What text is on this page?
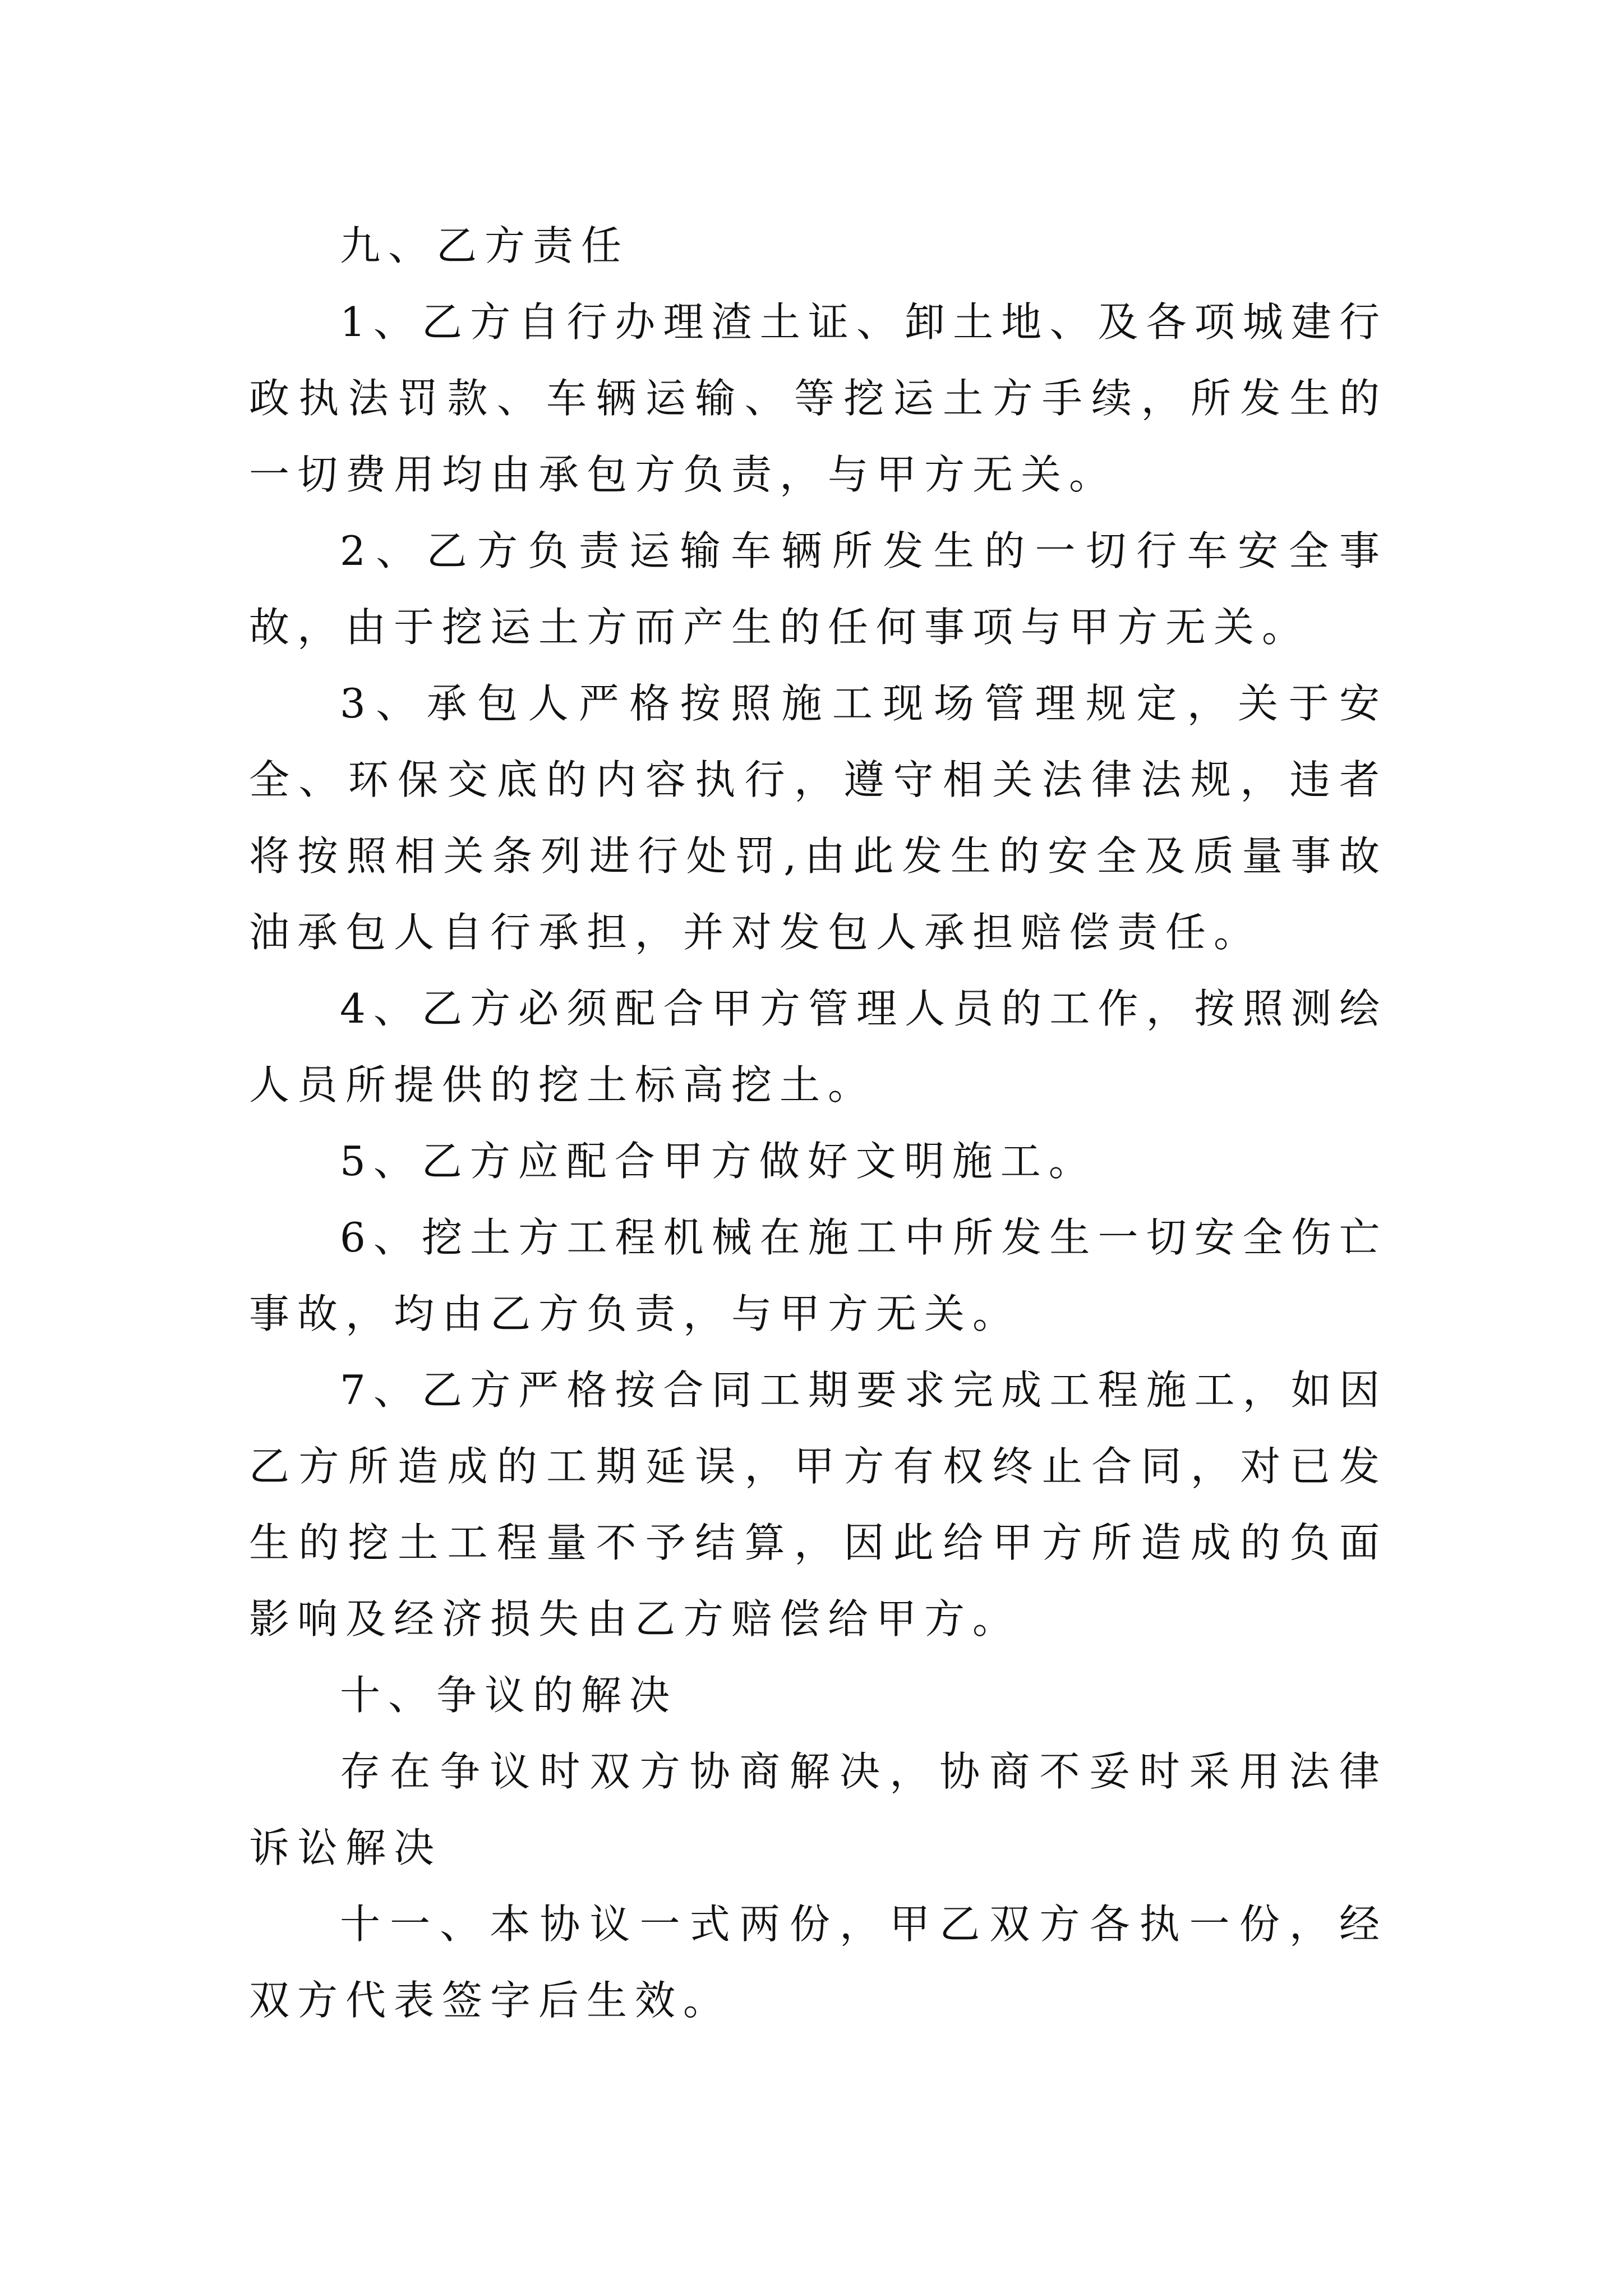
九、乙方责任

1、乙方自行办理渣土证、卸土地、及各项城建行政执法罚款、车辆运输、等挖运土方手续，所发生的一切费用均由承包方负责，与甲方无关。

2、乙方负责运输车辆所发生的一切行车安全事故，由于挖运土方而产生的任何事项与甲方无关。

3、承包人严格按照施工现场管理规定，关于安全、环保交底的内容执行，遵守相关法律法规，违者将按照相关条列进行处罚,由此发生的安全及质量事故油承包人自行承担，并对发包人承担赔偿责任。

4、乙方必须配合甲方管理人员的工作，按照测绘人员所提供的挖土标高挖土。

5、乙方应配合甲方做好文明施工。

6、挖土方工程机械在施工中所发生一切安全伤亡事故，均由乙方负责，与甲方无关。

7、乙方严格按合同工期要求完成工程施工，如因乙方所造成的工期延误，甲方有权终止合同，对已发生的挖土工程量不予结算，因此给甲方所造成的负面影响及经济损失由乙方赔偿给甲方。

十、争议的解决

存在争议时双方协商解决，协商不妥时采用法律诉讼解决

十一、本协议一式两份，甲乙双方各执一份，经双方代表签字后生效。
